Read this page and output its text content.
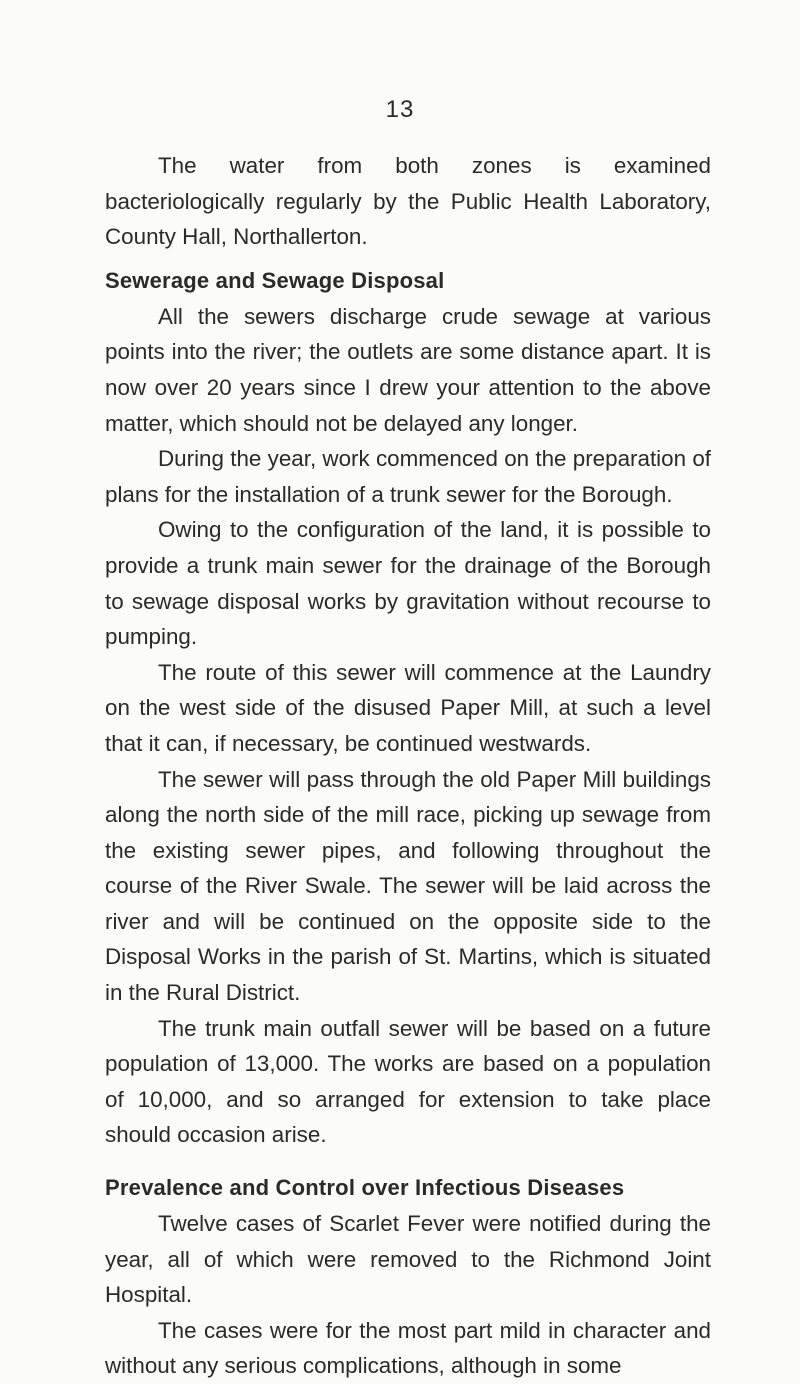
13

The water from both zones is examined bacteriologically regularly by the Public Health Laboratory, County Hall, Northallerton.

Sewerage and Sewage Disposal

All the sewers discharge crude sewage at various points into the river; the outlets are some distance apart. It is now over 20 years since I drew your attention to the above matter, which should not be delayed any longer.

During the year, work commenced on the preparation of plans for the installation of a trunk sewer for the Borough.

Owing to the configuration of the land, it is possible to provide a trunk main sewer for the drainage of the Borough to sewage disposal works by gravitation without recourse to pumping.

The route of this sewer will commence at the Laundry on the west side of the disused Paper Mill, at such a level that it can, if necessary, be continued westwards.

The sewer will pass through the old Paper Mill buildings along the north side of the mill race, picking up sewage from the existing sewer pipes, and following throughout the course of the River Swale. The sewer will be laid across the river and will be continued on the opposite side to the Disposal Works in the parish of St. Martins, which is situated in the Rural District.

The trunk main outfall sewer will be based on a future population of 13,000. The works are based on a population of 10,000, and so arranged for extension to take place should occasion arise.

Prevalence and Control over Infectious Diseases

Twelve cases of Scarlet Fever were notified during the year, all of which were removed to the Richmond Joint Hospital.

The cases were for the most part mild in character and without any serious complications, although in some
